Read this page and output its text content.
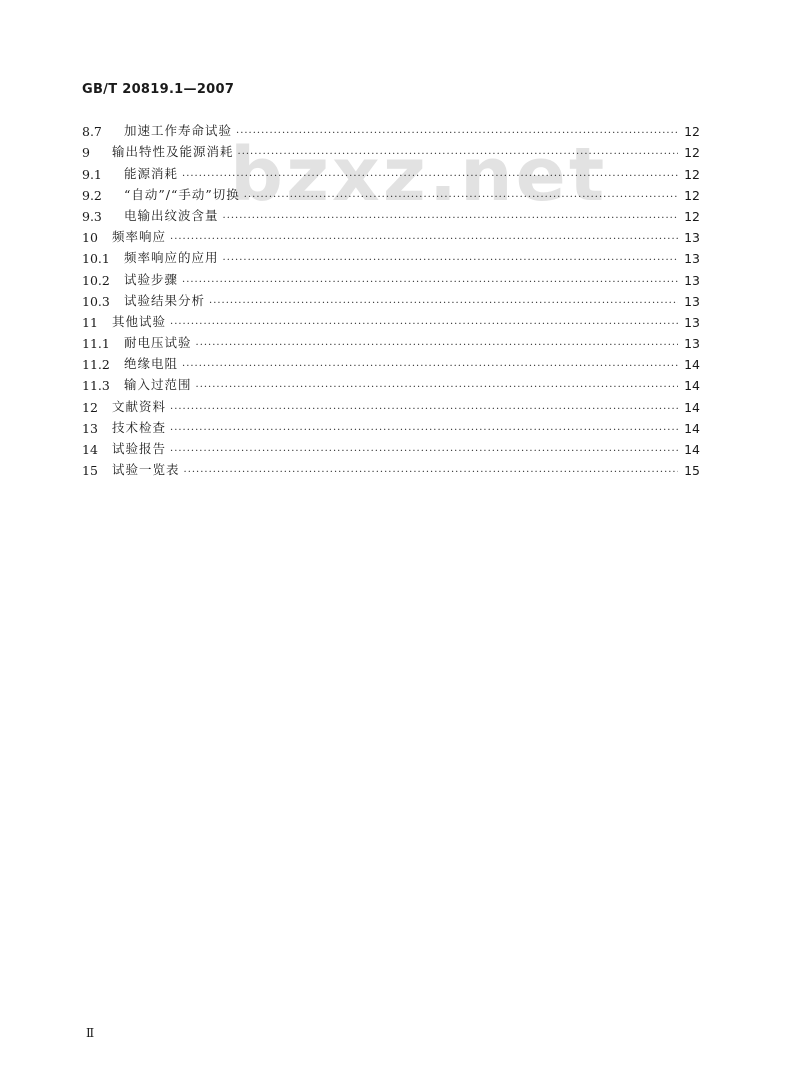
bzxz.net
GB/T 20819.1—2007
8.7	加速工作寿命试验 ·····	12
9	输出特性及能源消耗 ·····	12
9.1	能源消耗 ·····	12
9.2	“自动”/“手动”切换 ·····	12
9.3	电输出纹波含量 ·····	12
10	频率响应 ·····	13
10.1	频率响应的应用 ·····	13
10.2	试验步骤 ·····	13
10.3	试验结果分析 ·····	13
11	其他试验 ·····	13
11.1	耐电压试验 ·····	13
11.2	绝缘电阻 ·····	14
11.3	输入过范围 ·····	14
12	文献资料 ·····	14
13	技术检查 ·····	14
14	试验报告 ·····	14
15	试验一览表 ·····	15
Ⅱ
